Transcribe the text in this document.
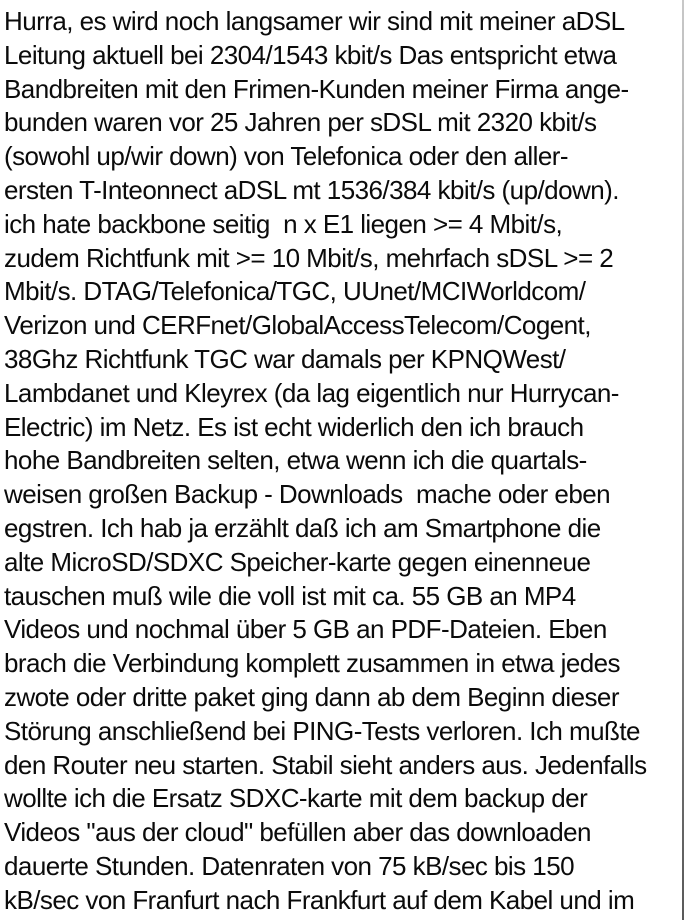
Hurra, es wird noch langsamer wir sind mit meiner aDSL
Leitung aktuell bei 2304/1543 kbit/s Das entspricht etwa
Bandbreiten mit den Frimen-Kunden meiner Firma ange-
bunden waren vor 25 Jahren per sDSL mit 2320 kbit/s
(sowohl up/wir down) von Telefonica oder den aller-
ersten T-Inteonnect aDSL mt 1536/384 kbit/s (up/down).
ich hate backbone seitig  n x E1 liegen >= 4 Mbit/s,
zudem Richtfunk mit >= 10 Mbit/s, mehrfach sDSL >= 2
Mbit/s. DTAG/Telefonica/TGC, UUnet/MCIWorldcom/
Verizon und CERFnet/GlobalAccessTelecom/Cogent,
38Ghz Richtfunk TGC war damals per KPNQWest/
Lambdanet und Kleyrex (da lag eigentlich nur Hurrycan-
Electric) im Netz. Es ist echt widerlich den ich brauch
hohe Bandbreiten selten, etwa wenn ich die quartals-
weisen großen Backup - Downloads  mache oder eben
egstren. Ich hab ja erzählt daß ich am Smartphone die
alte MicroSD/SDXC Speicher-karte gegen einenneue
tauschen muß wile die voll ist mit ca. 55 GB an MP4
Videos und nochmal über 5 GB an PDF-Dateien. Eben
brach die Verbindung komplett zusammen in etwa jedes
zwote oder dritte paket ging dann ab dem Beginn dieser
Störung anschließend bei PING-Tests verloren. Ich mußte
den Router neu starten. Stabil sieht anders aus. Jedenfalls
wollte ich die Ersatz SDXC-karte mit dem backup der
Videos "aus der cloud" befüllen aber das downloaden
dauerte Stunden. Datenraten von 75 kB/sec bis 150
kB/sec von Franfurt nach Frankfurt auf dem Kabel und im
